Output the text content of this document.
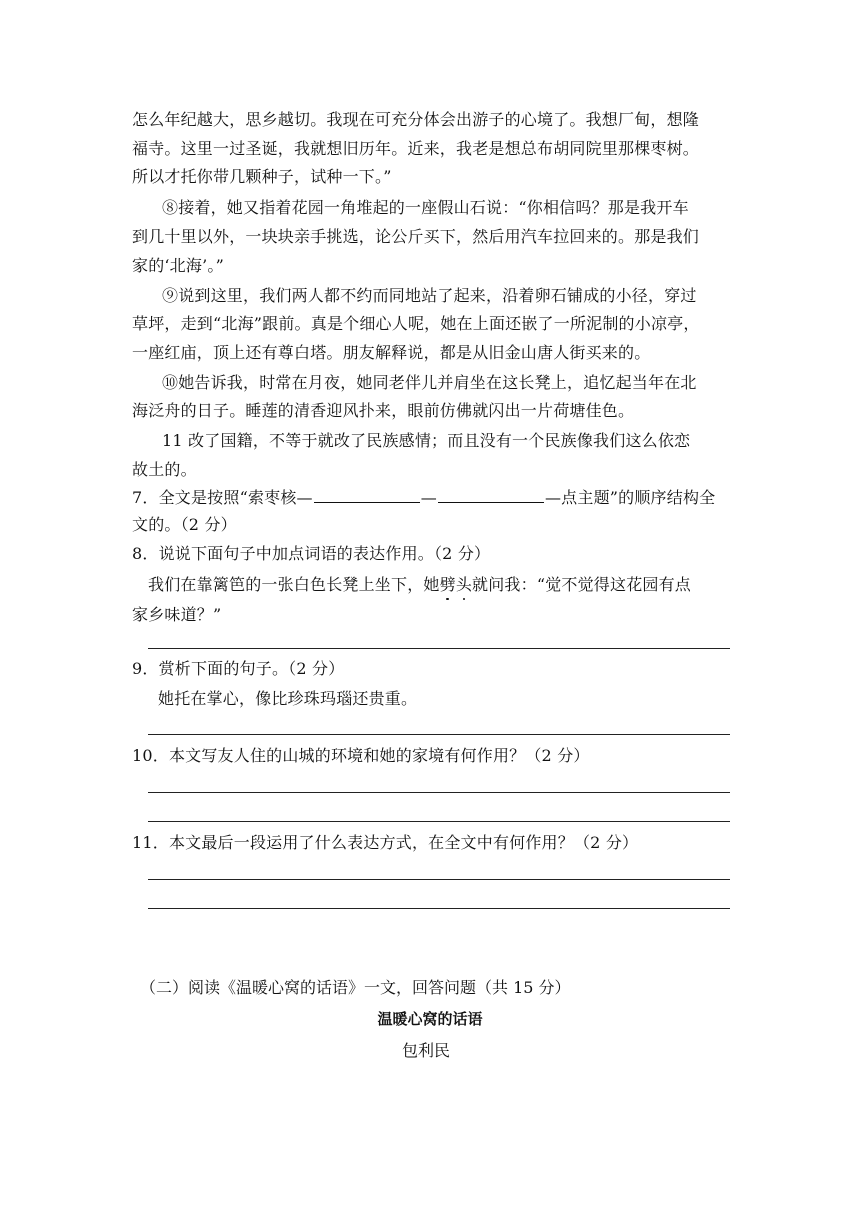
怎么年纪越大，思乡越切。我现在可充分体会出游子的心境了。我想厂甸，想隆
福寺。这里一过圣诞，我就想旧历年。近来，我老是想总布胡同院里那棵枣树。
所以才托你带几颗种子，试种一下。”
⑧接着，她又指着花园一角堆起的一座假山石说：“你相信吗？那是我开车
到几十里以外，一块块亲手挑选，论公斤买下，然后用汽车拉回来的。那是我们
家的‘北海’。”
⑨说到这里，我们两人都不约而同地站了起来，沿着卵石铺成的小径，穿过
草坪，走到“北海”跟前。真是个细心人呢，她在上面还嵌了一所泥制的小凉亭，
一座红庙，顶上还有尊白塔。朋友解释说，都是从旧金山唐人街买来的。
⑩她告诉我，时常在月夜，她同老伴儿并肩坐在这长凳上，追忆起当年在北
海泛舟的日子。睡莲的清香迎风扑来，眼前仿佛就闪出一片荷塘佳色。
11 改了国籍，不等于就改了民族感情；而且没有一个民族像我们这么依恋
故土的。
7．全文是按照“索枣核—	—	—点主题”的顺序结构全
文的。（2 分）
8．说说下面句子中加点词语的表达作用。（2 分）
我们在靠篱笆的一张白色长凳上坐下，她劈头就问我：“觉不觉得这花园有点
家乡味道？”
9．赏析下面的句子。（2 分）
她托在掌心，像比珍珠玛瑙还贵重。
10．本文写友人住的山城的环境和她的家境有何作用？（2 分）
11．本文最后一段运用了什么表达方式，在全文中有何作用？（2 分）
（二）阅读《温暖心窝的话语》一文，回答问题（共 15 分）
温暖心窝的话语
包利民
